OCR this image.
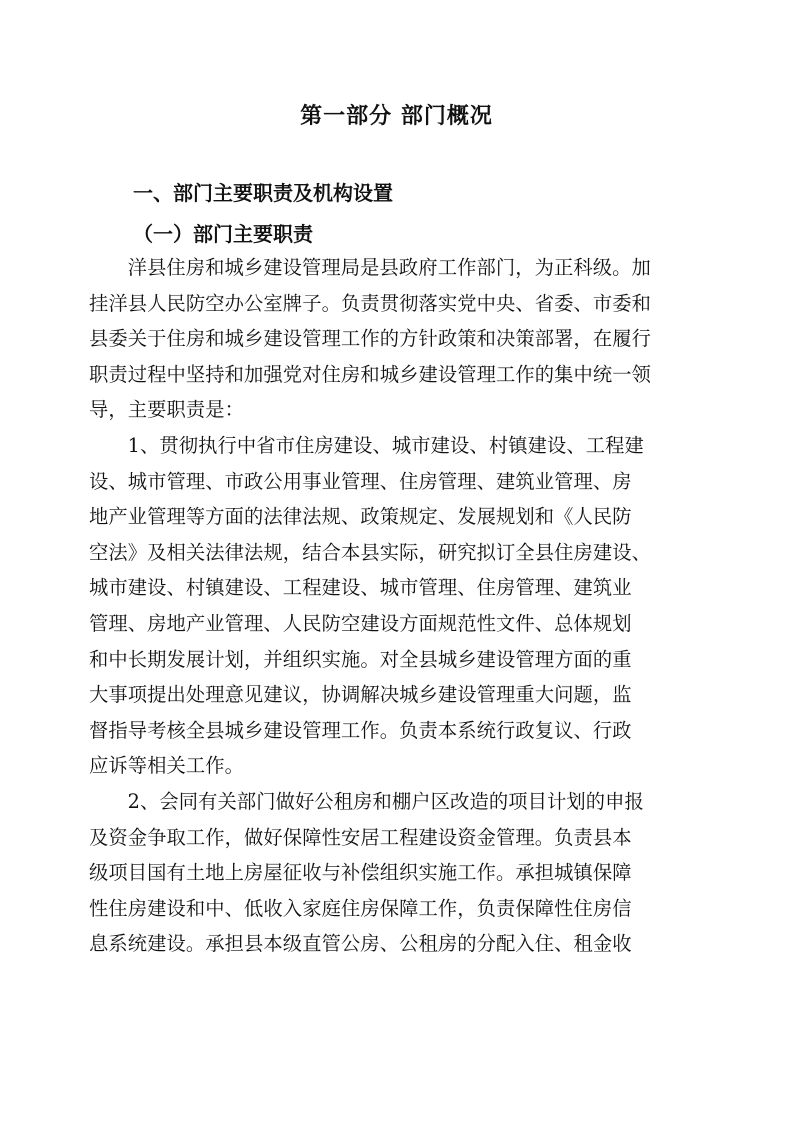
第一部分 部门概况
一、部门主要职责及机构设置
（一）部门主要职责

洋县住房和城乡建设管理局是县政府工作部门，为正科级。加
挂洋县人民防空办公室牌子。负责贯彻落实党中央、省委、市委和
县委关于住房和城乡建设管理工作的方针政策和决策部署，在履行
职责过程中坚持和加强党对住房和城乡建设管理工作的集中统一领
导，主要职责是：

1、贯彻执行中省市住房建设、城市建设、村镇建设、工程建
设、城市管理、市政公用事业管理、住房管理、建筑业管理、房
地产业管理等方面的法律法规、政策规定、发展规划和《人民防
空法》及相关法律法规，结合本县实际，研究拟订全县住房建设、
城市建设、村镇建设、工程建设、城市管理、住房管理、建筑业
管理、房地产业管理、人民防空建设方面规范性文件、总体规划
和中长期发展计划，并组织实施。对全县城乡建设管理方面的重
大事项提出处理意见建议，协调解决城乡建设管理重大问题，监
督指导考核全县城乡建设管理工作。负责本系统行政复议、行政
应诉等相关工作。

2、会同有关部门做好公租房和棚户区改造的项目计划的申报
及资金争取工作，做好保障性安居工程建设资金管理。负责县本
级项目国有土地上房屋征收与补偿组织实施工作。承担城镇保障
性住房建设和中、低收入家庭住房保障工作，负责保障性住房信
息系统建设。承担县本级直管公房、公租房的分配入住、租金收
